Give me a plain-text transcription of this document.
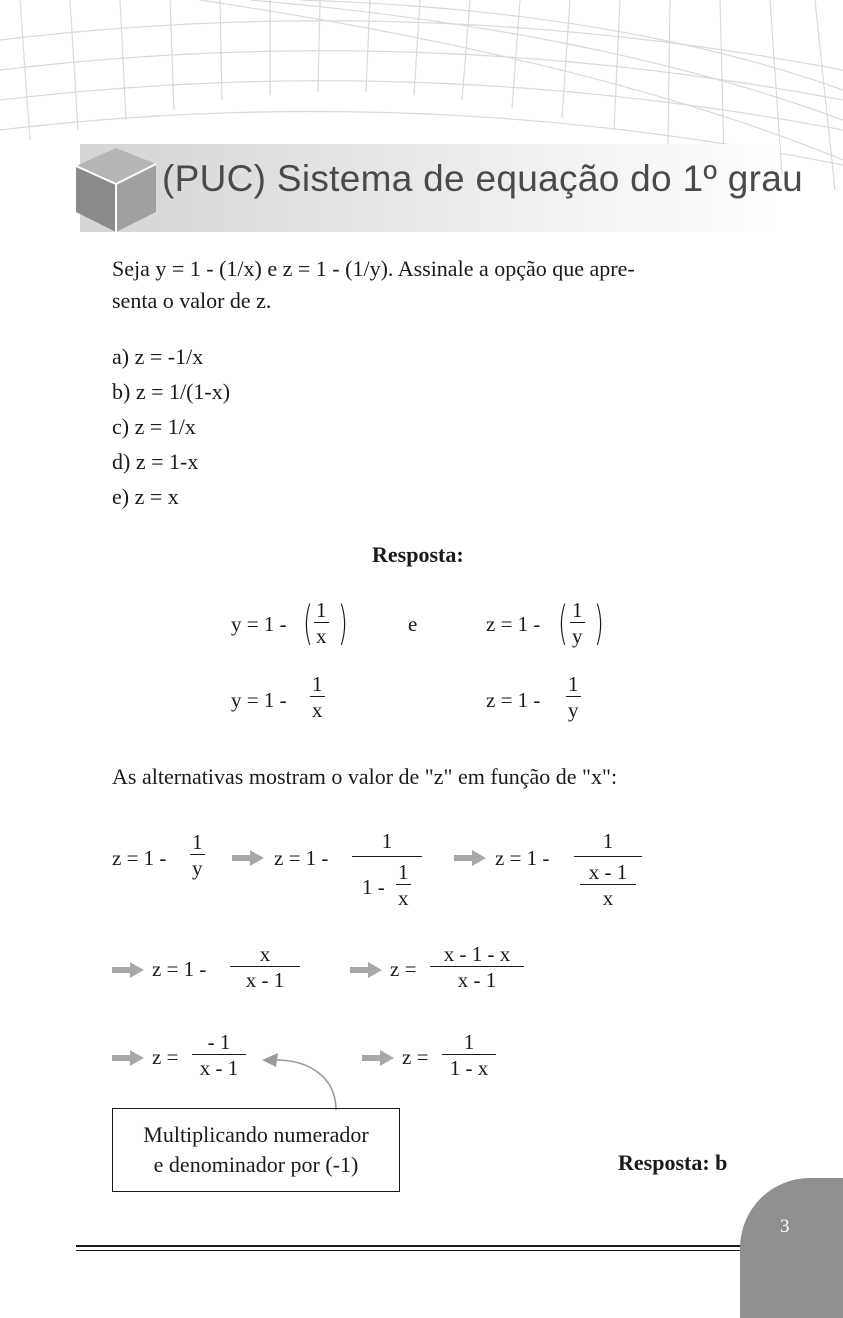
(PUC) Sistema de equação do 1º grau
Seja y = 1 - (1/x) e z = 1 - (1/y). Assinale a opção que apre-
senta o valor de z.
a) z = -1/x
b) z = 1/(1-x)
c) z = 1/x
d) z = 1-x
e) z = x
Resposta:
y = 1 - ( $\frac{1}{x}$ )	e	z = 1 - ( $\frac{1}{y}$ )
$y = 1 - \frac{1}{x}$	$z = 1 - \frac{1}{y}$
As alternativas mostram o valor de "z" em função de "x":
$z = 1 - \frac{1}{y}$	z = 1 -
1
$1 - \frac{1}{x}$
z = 1 -
1
$\frac{x - 1}{x}$
$z = 1 - \frac{x}{x - 1}$	$z = \frac{x - 1 - x}{x - 1}$
$z = \frac{- 1}{x - 1}$	$z = \frac{1}{1 - x}$
Multiplicando numerador
e denominador por (-1)	Resposta: b
3
